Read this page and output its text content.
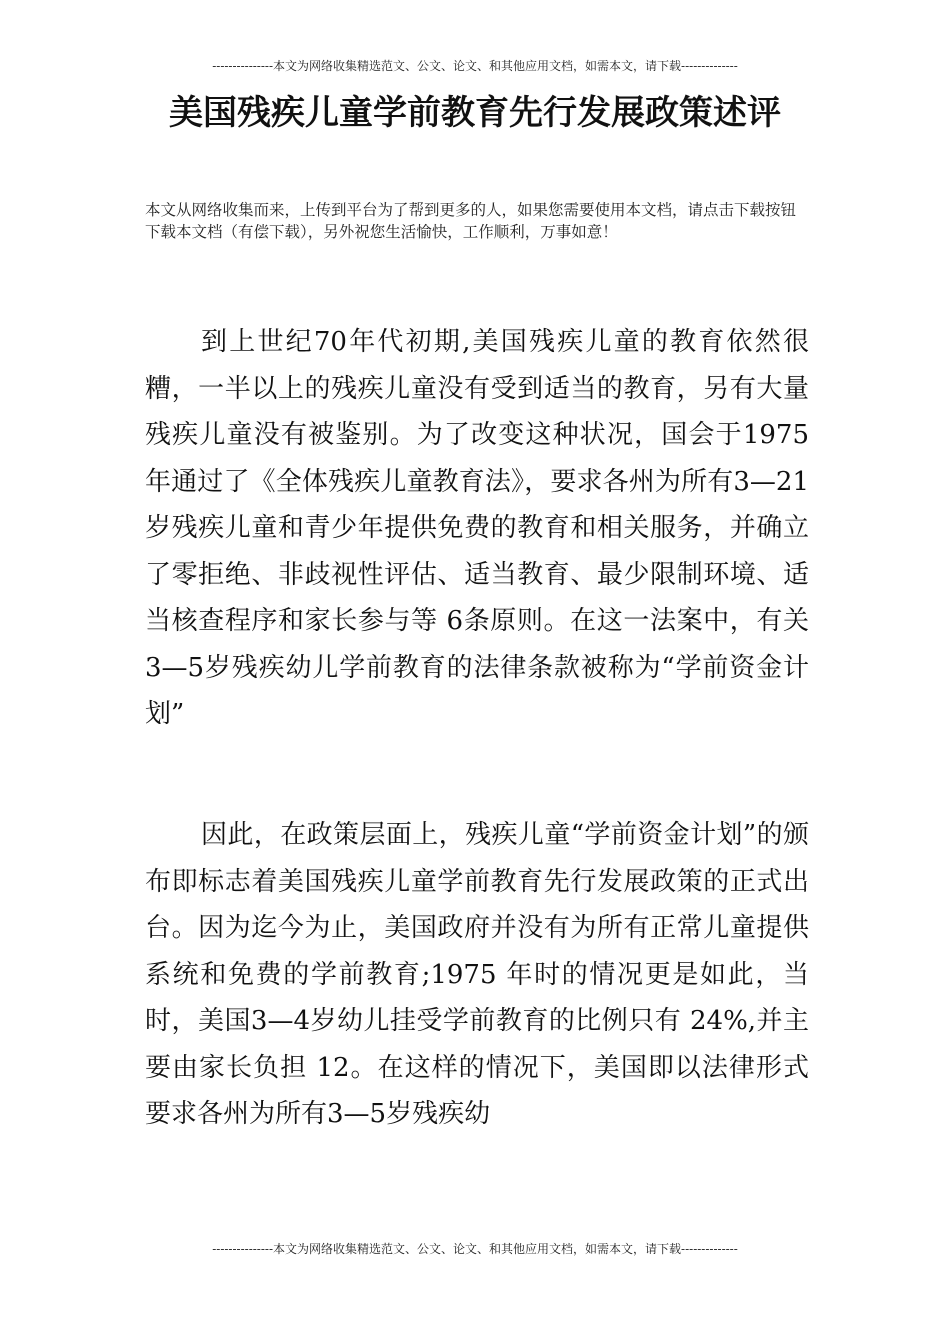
---------------本文为网络收集精选范文、公文、论文、和其他应用文档，如需本文，请下载--------------
美国残疾儿童学前教育先行发展政策述评

本文从网络收集而来，上传到平台为了帮到更多的人，如果您需要使用本文档，请点击下载按钮下载本文档（有偿下载），另外祝您生活愉快，工作顺利，万事如意！

到上世纪70年代初期,美国残疾儿童的教育依然很糟，一半以上的残疾儿童没有受到适当的教育，另有大量残疾儿童没有被鉴别。为了改变这种状况，国会于1975年通过了《全体残疾儿童教育法》，要求各州为所有3—21岁残疾儿童和青少年提供免费的教育和相关服务，并确立了零拒绝、非歧视性评估、适当教育、最少限制环境、适当核查程序和家长参与等 6条原则。在这一法案中，有关3—5岁残疾幼儿学前教育的法律条款被称为“学前资金计划”

因此，在政策层面上，残疾儿童“学前资金计划”的颁布即标志着美国残疾儿童学前教育先行发展政策的正式出台。因为迄今为止，美国政府并没有为所有正常儿童提供系统和免费的学前教育;1975 年时的情况更是如此，当时，美国3—4岁幼儿挂受学前教育的比例只有 24%,并主要由家长负担 12。在这样的情况下，美国即以法律形式要求各州为所有3—5岁残疾幼

---------------本文为网络收集精选范文、公文、论文、和其他应用文档，如需本文，请下载--------------
